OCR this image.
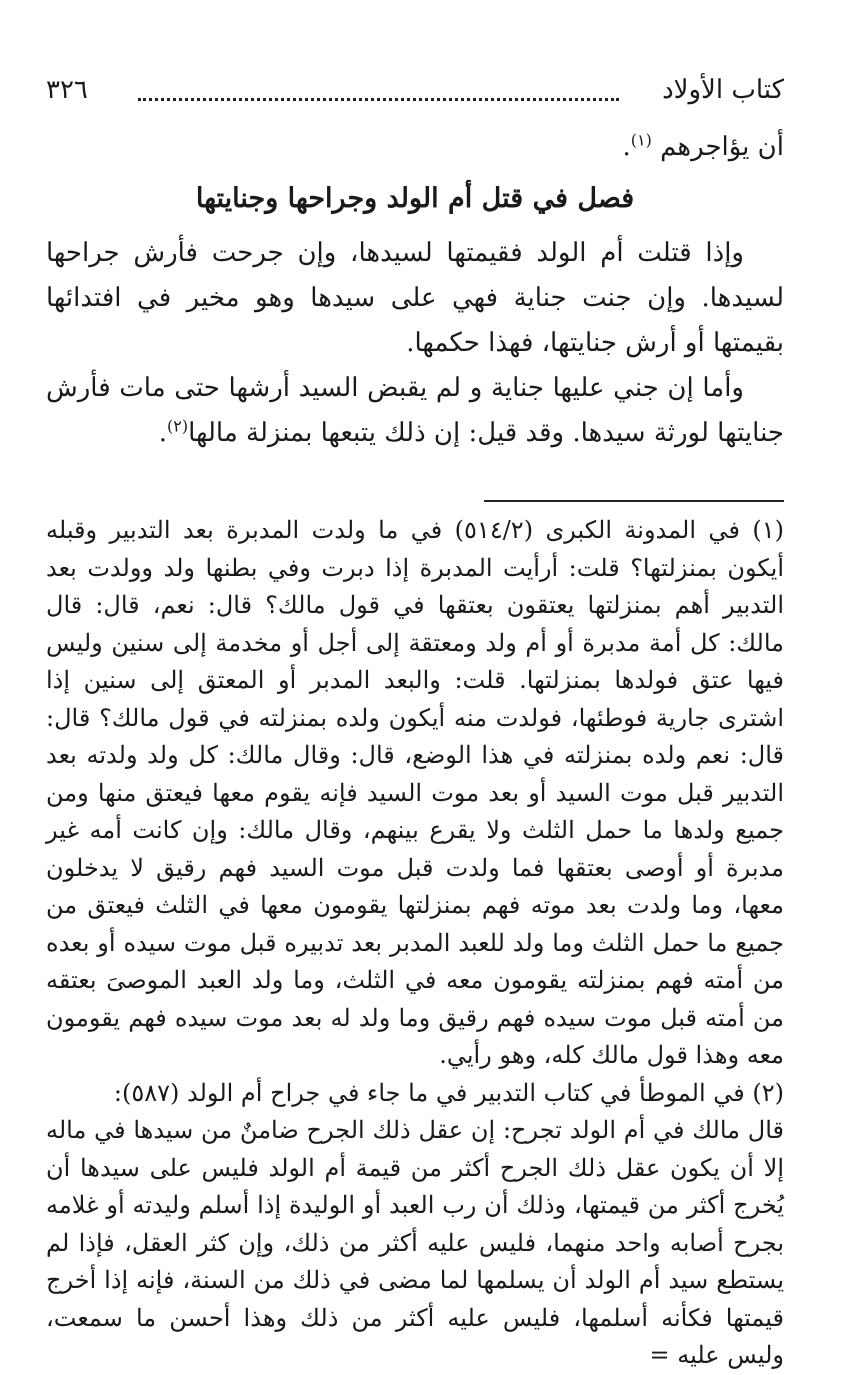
كتاب الأولاد
٣٢٦

أن يؤاجرهم $^{(١)}$.

فصل في قتل أم الولد وجراحها وجنايتها

وإذا قتلت أم الولد فقيمتها لسيدها، وإن جرحت فأرش جراحها لسيدها. وإن جنت جناية فهي على سيدها وهو مخير في افتدائها بقيمتها أو أرش جنايتها، فهذا حكمها.

وأما إن جني عليها جناية و لم يقبض السيد أرشها حتى مات فأرش جنايتها لورثة سيدها. وقد قيل: إن ذلك يتبعها بمنزلة مالها$^{(٢)}$.

(١) في المدونة الكبرى (٥١٤/٢) في ما ولدت المدبرة بعد التدبير وقبله أيكون بمنزلتها؟ قلت: أرأيت المدبرة إذا دبرت وفي بطنها ولد وولدت بعد التدبير أهم بمنزلتها يعتقون بعتقها في قول مالك؟ قال: نعم، قال: قال مالك: كل أمة مدبرة أو أم ولد ومعتقة إلى أجل أو مخدمة إلى سنين وليس فيها عتق فولدها بمنزلتها. قلت: والبعد المدبر أو المعتق إلى سنين إذا اشترى جارية فوطئها، فولدت منه أيكون ولده بمنزلته في قول مالك؟ قال: قال: نعم ولده بمنزلته في هذا الوضع، قال: وقال مالك: كل ولد ولدته بعد التدبير قبل موت السيد أو بعد موت السيد فإنه يقوم معها فيعتق منها ومن جميع ولدها ما حمل الثلث ولا يقرع بينهم، وقال مالك: وإن كانت أمه غير مدبرة أو أوصى بعتقها فما ولدت قبل موت السيد فهم رقيق لا يدخلون معها، وما ولدت بعد موته فهم بمنزلتها يقومون معها في الثلث فيعتق من جميع ما حمل الثلث وما ولد للعبد المدبر بعد تدبيره قبل موت سيده أو بعده من أمته فهم بمنزلته يقومون معه في الثلث، وما ولد العبد الموصىَ بعتقه من أمته قبل موت سيده فهم رقيق وما ولد له بعد موت سيده فهم يقومون معه وهذا قول مالك كله، وهو رأيي.

(٢) في الموطأ في كتاب التدبير في ما جاء في جراح أم الولد (٥٨٧):

قال مالك في أم الولد تجرح: إن عقل ذلك الجرح ضامنٌ من سيدها في ماله إلا أن يكون عقل ذلك الجرح أكثر من قيمة أم الولد فليس على سيدها أن يُخرج أكثر من قيمتها، وذلك أن رب العبد أو الوليدة إذا أسلم وليدته أو غلامه بجرح أصابه واحد منهما، فليس عليه أكثر من ذلك، وإن كثر العقل، فإذا لم يستطع سيد أم الولد أن يسلمها لما مضى في ذلك من السنة، فإنه إذا أخرج قيمتها فكأنه أسلمها، فليس عليه أكثر من ذلك وهذا أحسن ما سمعت، وليس عليه =
